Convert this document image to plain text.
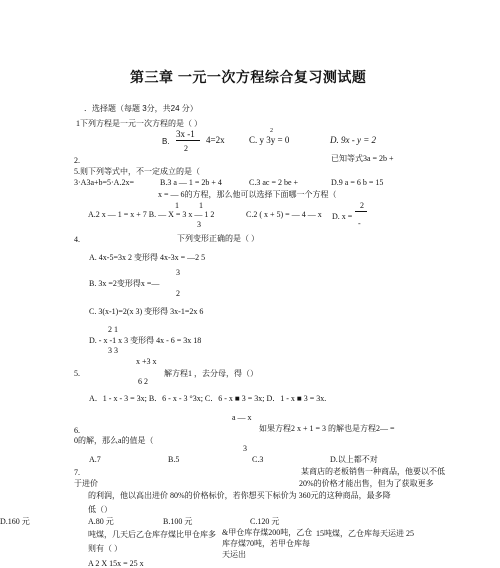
第三章 一元一次方程综合复习测试题
．选择题（每题 3分，共24 分）
1下列方程是一元一次方程的是（ ）
3x -1
B.	4=2x
2
2
C. y 3y = 0	D. 9x - y = 2
2.	已知等式3a = 2b +
5.则下列等式中，不一定成立的是（
3·A3a+b=5·A.2x=	B.3 a — 1 = 2b + 4	C.3 ac = 2 be +	D.9 a = 6 b = 15
x = — 6的方程，那么他可以选择下面哪一个方程（
1	1	2
A.2 x — 1 = x + 7 B. — X = 3 x — 1 2	C.2 ( x + 5) = — 4 — x D. x =
3	-
4.	下列变形正确的是（ ）
A. 4x-5=3x 2 变形得 4x-3x = —2 5
3
B. 3x =2变形得x =—
2
C. 3(x-1)=2(x 3) 变形得 3x-1=2x 6
2 1
D. - x -1 x 3 变形得 4x - 6 = 3x 18
3 3
x +3 x
5.	解方程1 ，去分母，得（）
6 2
A．1 - x - 3 = 3x; B．6 - x - 3 °3x; C．6 - x ■ 3 = 3x; D．1 - x ■ 3 = 3x.
a — x
6.	如果方程2 x + 1 = 3 的解也是方程2— =
0的解，那么a的值是（
3
A.7	B.5	C.3	D.以上都不对
7.	某商店的老板销售一种商品，他要以不低
于进价	20%的价格才能出售，但为了获取更多
的利润，他以高出进价 80%的价格标价，若你想买下标价为 360元的这种商品，最多降
低（）
D.160 元	A.80 元	B.100 元	C.120 元
吨煤，几天后乙仓库存煤比甲仓库多 &甲仓库存煤200吨，乙仓 15吨煤，乙仓库每天运进 25
则有（ ）
库存煤70吨，若甲仓库每
天运出
A 2 X 15x = 25 x
